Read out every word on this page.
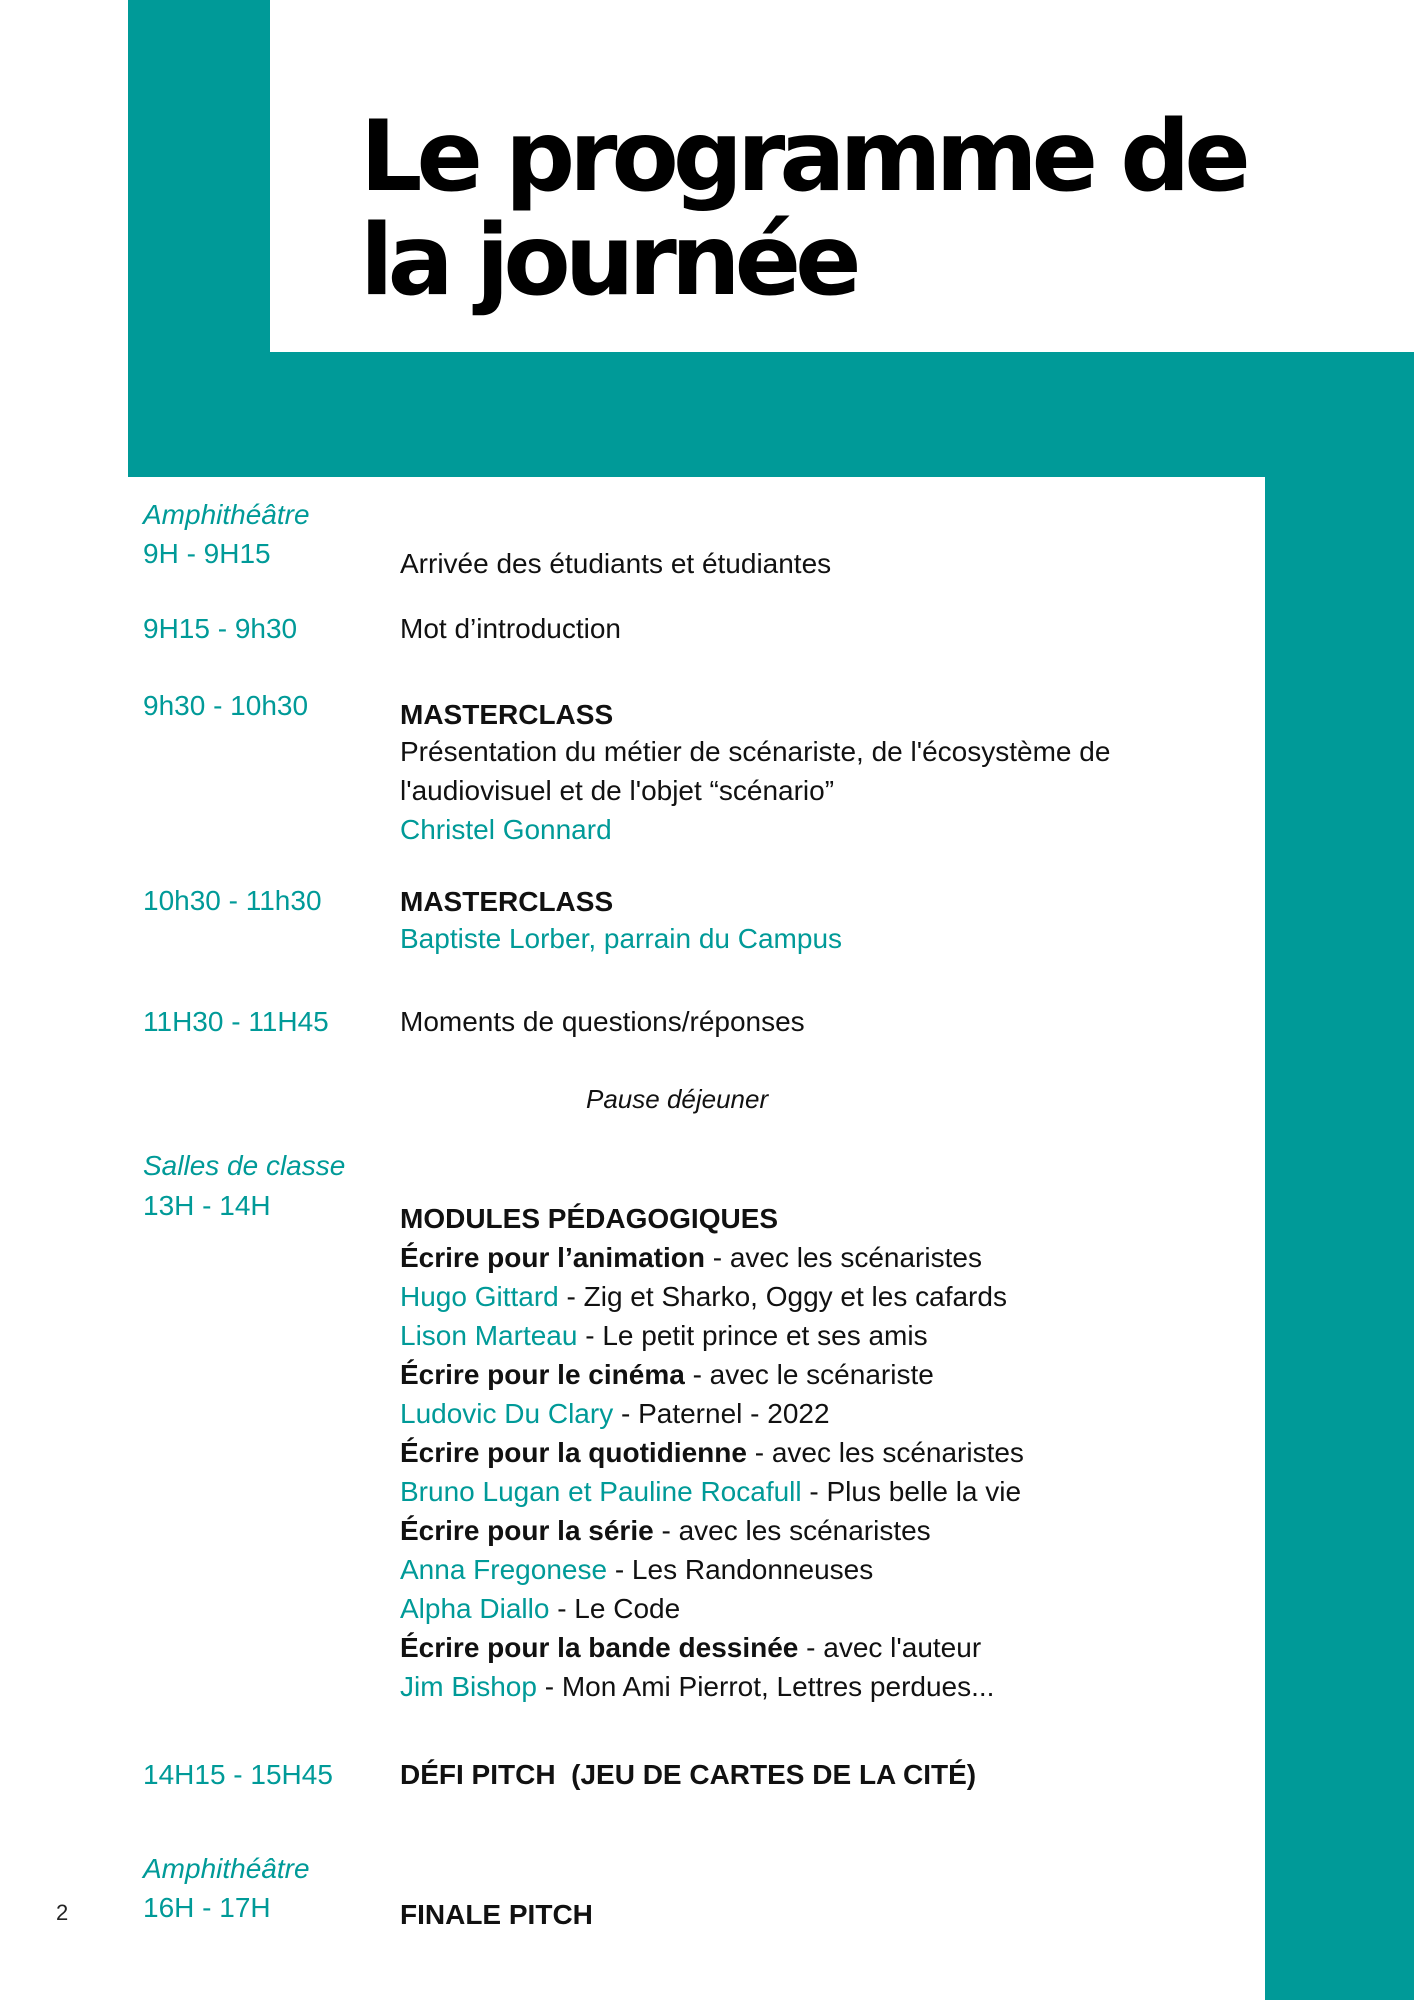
Le programme de
la journée
Amphithéâtre
9H - 9H15	Arrivée des étudiants et étudiantes
9H15 - 9h30	Mot d’introduction
9h30 - 10h30	MASTERCLASS
Présentation du métier de scénariste, de l'écosystème de
l'audiovisuel et de l'objet “scénario”
Christel Gonnard
10h30 - 11h30	MASTERCLASS
Baptiste Lorber, parrain du Campus
11H30 - 11H45	Moments de questions/réponses
Pause déjeuner
Salles de classe
13H - 14H	MODULES PÉDAGOGIQUES
Écrire pour l’animation - avec les scénaristes
Hugo Gittard - Zig et Sharko, Oggy et les cafards
Lison Marteau - Le petit prince et ses amis
Écrire pour le cinéma - avec le scénariste
Ludovic Du Clary - Paternel - 2022
Écrire pour la quotidienne - avec les scénaristes
Bruno Lugan et Pauline Rocafull - Plus belle la vie
Écrire pour la série - avec les scénaristes
Anna Fregonese - Les Randonneuses
Alpha Diallo - Le Code
Écrire pour la bande dessinée - avec l'auteur
Jim Bishop - Mon Ami Pierrot, Lettres perdues...
14H15 - 15H45 DÉFI PITCH  (JEU DE CARTES DE LA CITÉ)
Amphithéâtre
16H - 17H	FINALE PITCH
2
